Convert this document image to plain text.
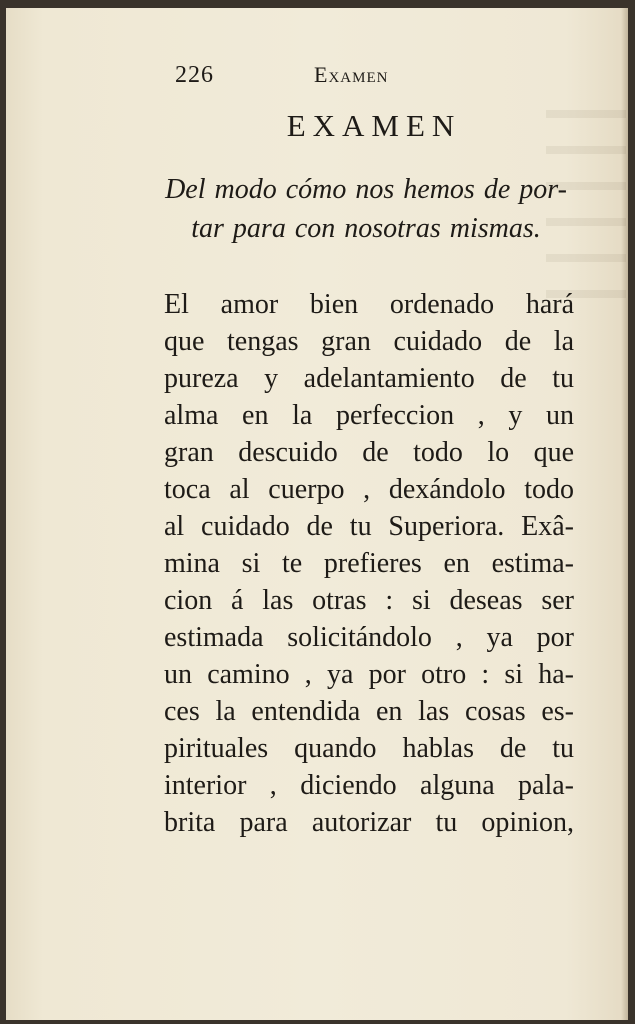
226	Examen
EXAMEN
Del modo cómo nos hemos de por-
tar para con nosotras mismas.
El amor bien ordenado hará
que tengas gran cuidado de la
pureza y adelantamiento de tu
alma en la perfeccion , y un
gran descuido de todo lo que
toca al cuerpo , dexándolo todo
al cuidado de tu Superiora. Exâ-
mina si te prefieres en estima-
cion á las otras : si deseas ser
estimada solicitándolo , ya por
un camino , ya por otro : si ha-
ces la entendida en las cosas es-
pirituales quando hablas de tu
interior , diciendo alguna pala-
brita para autorizar tu opinion,
